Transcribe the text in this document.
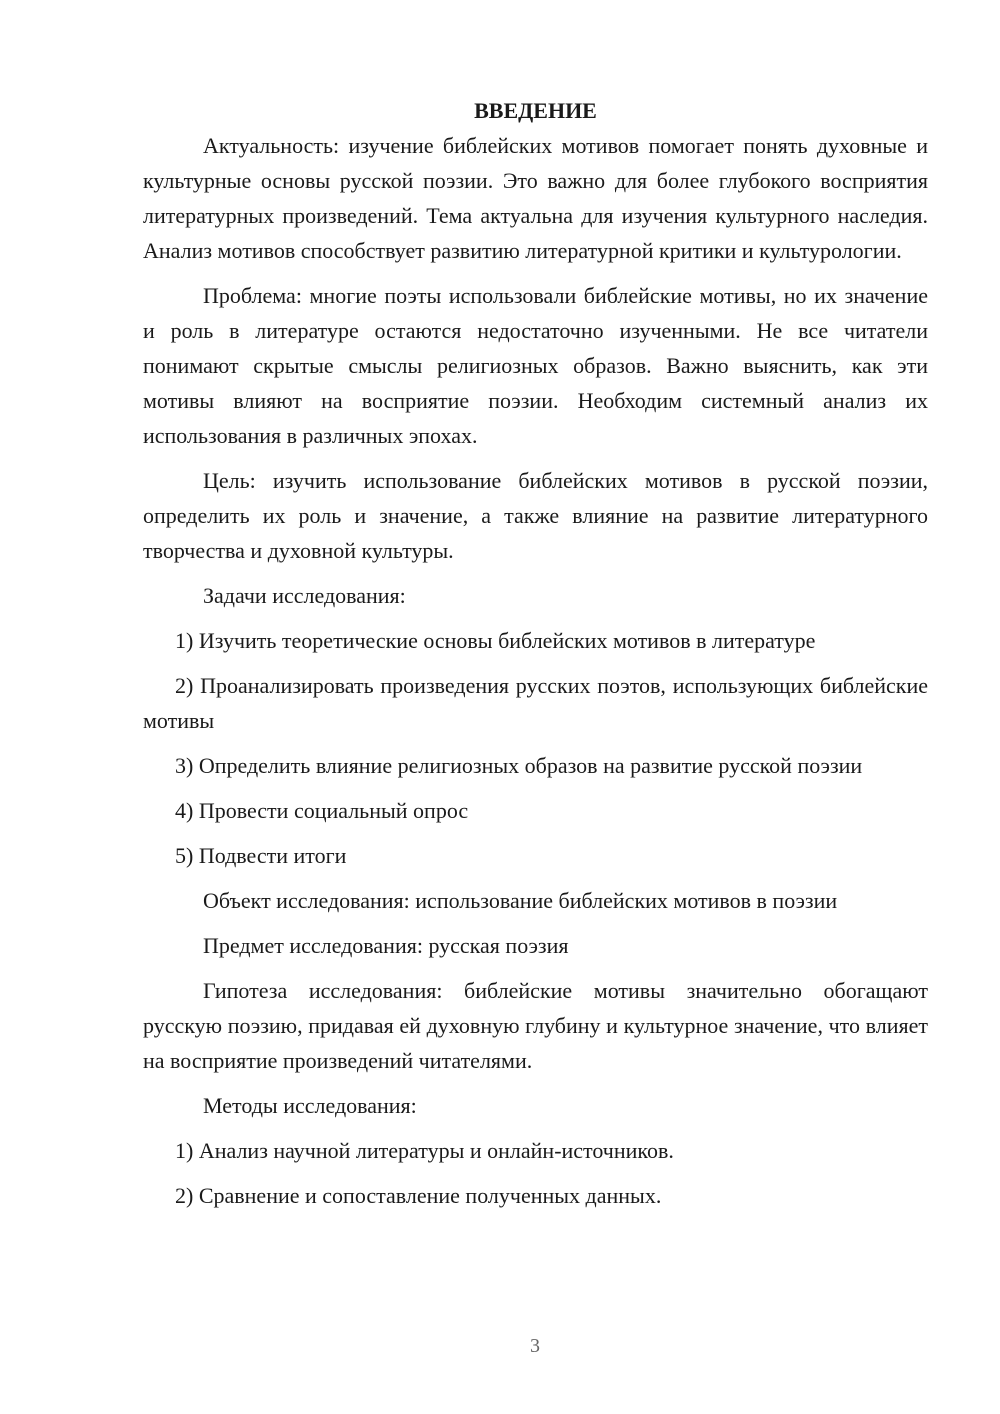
ВВЕДЕНИЕ

Актуальность: изучение библейских мотивов помогает понять духовные и культурные основы русской поэзии. Это важно для более глубокого восприятия литературных произведений. Тема актуальна для изучения культурного наследия. Анализ мотивов способствует развитию литературной критики и культурологии.

Проблема: многие поэты использовали библейские мотивы, но их значение и роль в литературе остаются недостаточно изученными. Не все читатели понимают скрытые смыслы религиозных образов. Важно выяснить, как эти мотивы влияют на восприятие поэзии. Необходим системный анализ их использования в различных эпохах.

Цель: изучить использование библейских мотивов в русской поэзии, определить их роль и значение, а также влияние на развитие литературного творчества и духовной культуры.

Задачи исследования:

1) Изучить теоретические основы библейских мотивов в литературе

2) Проанализировать произведения русских поэтов, использующих библейские мотивы

3) Определить влияние религиозных образов на развитие русской поэзии

4) Провести социальный опрос

5) Подвести итоги

Объект исследования: использование библейских мотивов в поэзии

Предмет исследования: русская поэзия

Гипотеза исследования: библейские мотивы значительно обогащают русскую поэзию, придавая ей духовную глубину и культурное значение, что влияет на восприятие произведений читателями.

Методы исследования:

1) Анализ научной литературы и онлайн-источников.

2) Сравнение и сопоставление полученных данных.

3
